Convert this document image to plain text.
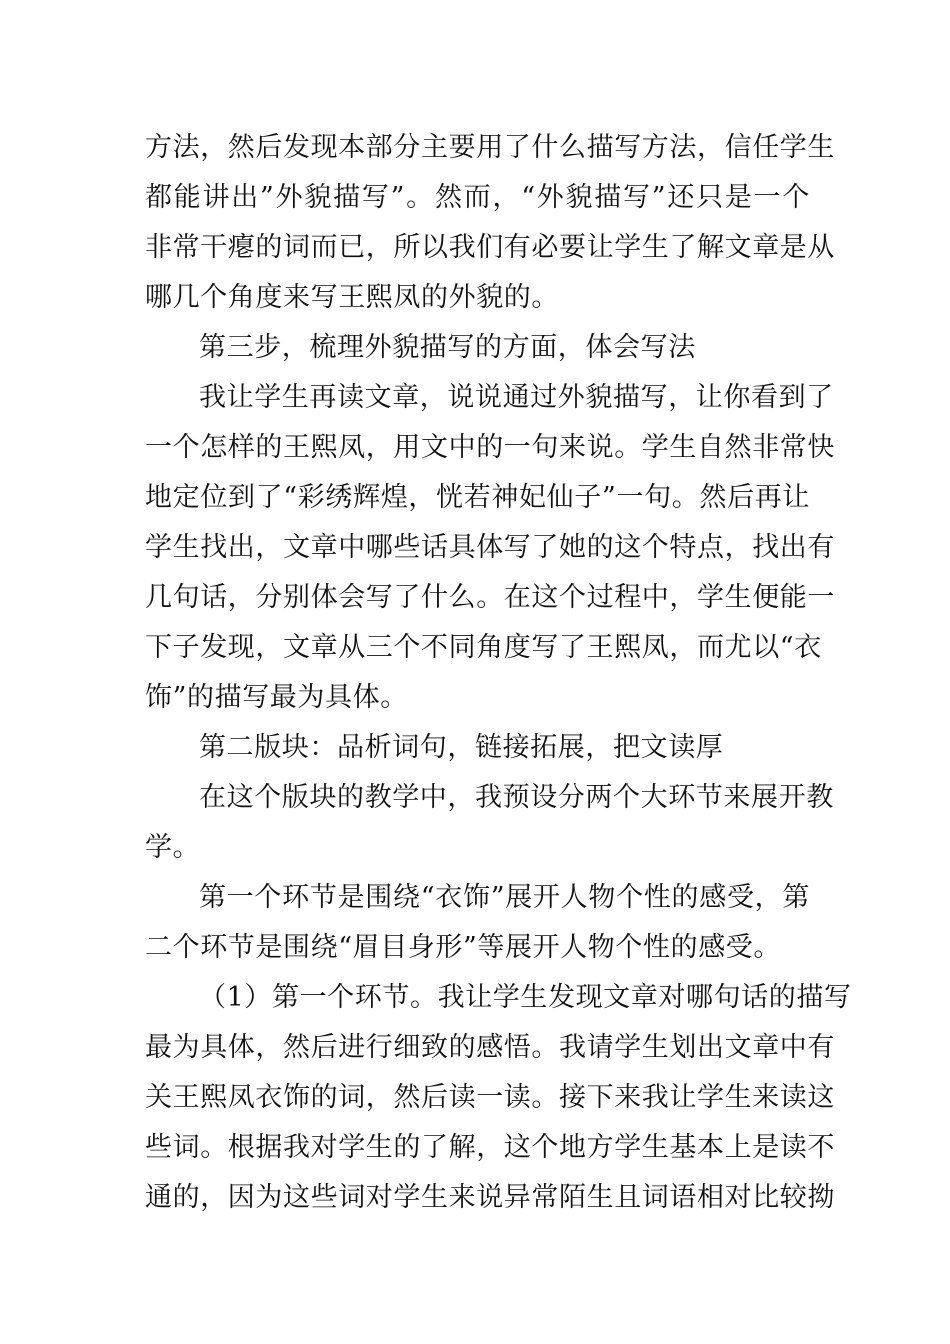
方法，然后发现本部分主要用了什么描写方法，信任学生
都能讲出”外貌描写”。然而，“外貌描写”还只是一个
非常干瘪的词而已，所以我们有必要让学生了解文章是从
哪几个角度来写王熙凤的外貌的。
第三步，梳理外貌描写的方面，体会写法
我让学生再读文章，说说通过外貌描写，让你看到了
一个怎样的王熙凤，用文中的一句来说。学生自然非常快
地定位到了“彩绣辉煌，恍若神妃仙子”一句。然后再让
学生找出，文章中哪些话具体写了她的这个特点，找出有
几句话，分别体会写了什么。在这个过程中，学生便能一
下子发现，文章从三个不同角度写了王熙凤，而尤以“衣
饰”的描写最为具体。
第二版块：品析词句，链接拓展，把文读厚
在这个版块的教学中，我预设分两个大环节来展开教
学。
第一个环节是围绕“衣饰”展开人物个性的感受，第
二个环节是围绕“眉目身形”等展开人物个性的感受。
（1）第一个环节。我让学生发现文章对哪句话的描写
最为具体，然后进行细致的感悟。我请学生划出文章中有
关王熙凤衣饰的词，然后读一读。接下来我让学生来读这
些词。根据我对学生的了解，这个地方学生基本上是读不
通的，因为这些词对学生来说异常陌生且词语相对比较拗
